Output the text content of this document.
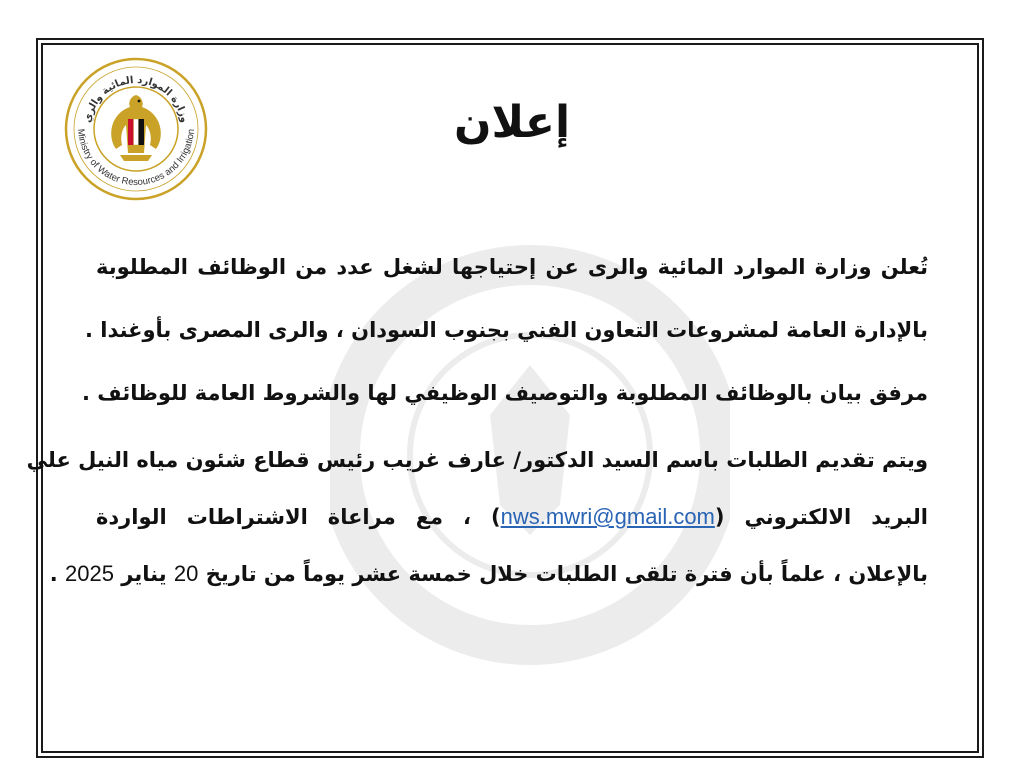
وزارة الموارد المائية والري
Ministry of Water Resources and Irrigation	إعلان

تُعلن وزارة الموارد المائية والرى عن إحتياجها لشغل عدد من الوظائف المطلوبة

بالإدارة العامة لمشروعات التعاون الفني بجنوب السودان ، والرى المصرى بأوغندا .

مرفق بيان بالوظائف المطلوبة والتوصيف الوظيفي لها والشروط العامة للوظائف .

ويتم تقديم الطلبات باسم السيد الدكتور/ عارف غريب رئيس قطاع شئون مياه النيل علي

البريد الالكتروني (nws.mwri@gmail.com) ، مع مراعاة الاشتراطات الواردة

بالإعلان ، علماً بأن فترة تلقى الطلبات خلال خمسة عشر يوماً من تاريخ 20 يناير 2025 .
